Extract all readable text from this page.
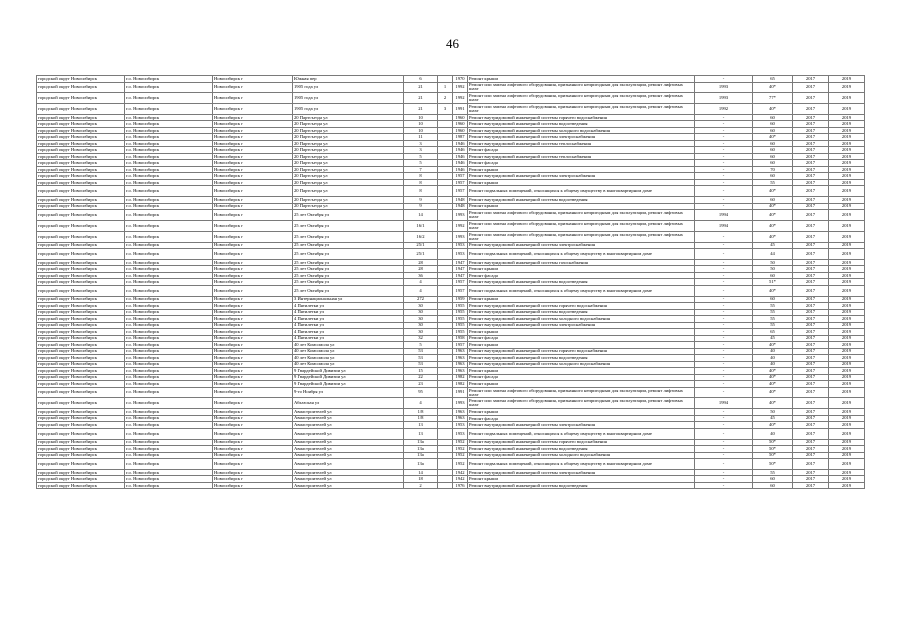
46
городской округ Новосибирск	г.о. Новосибирск	Новосибирск г	Южная пер	6		1970	Ремонт крыши	-	65	2017	2019
городской округ Новосибирск	г.о. Новосибирск	Новосибирск г	1905 года ул	21	1	1992	Ремонт или замена лифтового оборудования, признанного непригодным для эксплуатации, ремонт лифтовых шахт	1993	40*	2017	2019
городской округ Новосибирск	г.о. Новосибирск	Новосибирск г	1905 года ул	21	2	1992	Ремонт или замена лифтового оборудования, признанного непригодным для эксплуатации, ремонт лифтовых шахт	1993	77*	2017	2019
городской округ Новосибирск	г.о. Новосибирск	Новосибирск г	1905 года ул	21	3	1991	Ремонт или замена лифтового оборудования, признанного непригодным для эксплуатации, ремонт лифтовых шахт	1992	40*	2017	2019
городской округ Новосибирск	г.о. Новосибирск	Новосибирск г	20 Партсъезда ул	10		1960	Ремонт внутридомовой инженерной системы горячего водоснабжения	-	60	2017	2019
городской округ Новосибирск	г.о. Новосибирск	Новосибирск г	20 Партсъезда ул	10		1960	Ремонт внутридомовой инженерной системы водоотведения	-	60	2017	2019
городской округ Новосибирск	г.о. Новосибирск	Новосибирск г	20 Партсъезда ул	10		1960	Ремонт внутридомовой инженерной системы холодного водоснабжения	-	60	2017	2019
городской округ Новосибирск	г.о. Новосибирск	Новосибирск г	20 Партсъезда ул	11		1987	Ремонт внутридомовой инженерной системы электроснабжения	-	40*	2017	2019
городской округ Новосибирск	г.о. Новосибирск	Новосибирск г	20 Партсъезда ул	3		1946	Ремонт внутридомовой инженерной системы теплоснабжения	-	60	2017	2019
городской округ Новосибирск	г.о. Новосибирск	Новосибирск г	20 Партсъезда ул	3		1946	Ремонт фасада	-	60	2017	2019
городской округ Новосибирск	г.о. Новосибирск	Новосибирск г	20 Партсъезда ул	5		1946	Ремонт внутридомовой инженерной системы теплоснабжения	-	60	2017	2019
городской округ Новосибирск	г.о. Новосибирск	Новосибирск г	20 Партсъезда ул	5		1946	Ремонт фасада	-	60	2017	2019
городской округ Новосибирск	г.о. Новосибирск	Новосибирск г	20 Партсъезда ул	7		1946	Ремонт крыши	-	70	2017	2019
городской округ Новосибирск	г.о. Новосибирск	Новосибирск г	20 Партсъезда ул	8		1957	Ремонт внутридомовой инженерной системы электроснабжения	-	60	2017	2019
городской округ Новосибирск	г.о. Новосибирск	Новосибирск г	20 Партсъезда ул	8		1957	Ремонт крыши	-	55	2017	2019
городской округ Новосибирск	г.о. Новосибирск	Новосибирск г	20 Партсъезда ул	8		1957	Ремонт подвальных помещений, относящихся к общему имуществу в многоквартирном доме	-	40*	2017	2019
городской округ Новосибирск	г.о. Новосибирск	Новосибирск г	20 Партсъезда ул	9		1948	Ремонт внутридомовой инженерной системы водоотведения	-	60	2017	2019
городской округ Новосибирск	г.о. Новосибирск	Новосибирск г	20 Партсъезда ул	9		1948	Ремонт крыши	-	40*	2017	2019
городской округ Новосибирск	г.о. Новосибирск	Новосибирск г	25 лет Октября ул	14		1993	Ремонт или замена лифтового оборудования, признанного непригодным для эксплуатации, ремонт лифтовых шахт	1994	40*	2017	2019
городской округ Новосибирск	г.о. Новосибирск	Новосибирск г	25 лет Октября ул	16/1		1992	Ремонт или замена лифтового оборудования, признанного непригодным для эксплуатации, ремонт лифтовых шахт	1994	40*	2017	2019
городской округ Новосибирск	г.о. Новосибирск	Новосибирск г	25 лет Октября ул	16/2		1993	Ремонт или замена лифтового оборудования, признанного непригодным для эксплуатации, ремонт лифтовых шахт	-	40*	2017	2019
городской округ Новосибирск	г.о. Новосибирск	Новосибирск г	25 лет Октября ул	25/1		1953	Ремонт внутридомовой инженерной системы электроснабжения	-	45	2017	2019
городской округ Новосибирск	г.о. Новосибирск	Новосибирск г	25 лет Октября ул	25/1		1953	Ремонт подвальных помещений, относящихся к общему имуществу в многоквартирном доме	-	44	2017	2019
городской округ Новосибирск	г.о. Новосибирск	Новосибирск г	25 лет Октября ул	28		1947	Ремонт внутридомовой инженерной системы газоснабжения	-	50	2017	2019
городской округ Новосибирск	г.о. Новосибирск	Новосибирск г	25 лет Октября ул	28		1947	Ремонт крыши	-	50	2017	2019
городской округ Новосибирск	г.о. Новосибирск	Новосибирск г	25 лет Октября ул	36		1947	Ремонт фасада	-	60	2017	2019
городской округ Новосибирск	г.о. Новосибирск	Новосибирск г	25 лет Октября ул	4		1957	Ремонт внутридомовой инженерной системы водоотведения	-	51*	2017	2019
городской округ Новосибирск	г.о. Новосибирск	Новосибирск г	25 лет Октября ул	4		1957	Ремонт подвальных помещений, относящихся к общему имуществу в многоквартирном доме	-	40*	2017	2019
городской округ Новосибирск	г.о. Новосибирск	Новосибирск г	3 Интернациональная ул	272		1959	Ремонт крыши	-	60	2017	2019
городской округ Новосибирск	г.о. Новосибирск	Новосибирск г	4 Пятилетки ул	30		1955	Ремонт внутридомовой инженерной системы горячего водоснабжения	-	55	2017	2019
городской округ Новосибирск	г.о. Новосибирск	Новосибирск г	4 Пятилетки ул	30		1955	Ремонт внутридомовой инженерной системы водоотведения	-	55	2017	2019
городской округ Новосибирск	г.о. Новосибирск	Новосибирск г	4 Пятилетки ул	30		1955	Ремонт внутридомовой инженерной системы холодного водоснабжения	-	55	2017	2019
городской округ Новосибирск	г.о. Новосибирск	Новосибирск г	4 Пятилетки ул	30		1955	Ремонт внутридомовой инженерной системы электроснабжения	-	55	2017	2019
городской округ Новосибирск	г.о. Новосибирск	Новосибирск г	4 Пятилетки ул	30		1955	Ремонт крыши	-	65	2017	2019
городской округ Новосибирск	г.о. Новосибирск	Новосибирск г	4 Пятилетки ул	32		1958	Ремонт фасада	-	45	2017	2019
городской округ Новосибирск	г.о. Новосибирск	Новосибирск г	40 лет Комсомола ул	5		1957	Ремонт крыши	-	40*	2017	2019
городской округ Новосибирск	г.о. Новосибирск	Новосибирск г	40 лет Комсомола ул	53		1963	Ремонт внутридомовой инженерной системы горячего водоснабжения	-	40	2017	2019
городской округ Новосибирск	г.о. Новосибирск	Новосибирск г	40 лет Комсомола ул	53		1963	Ремонт внутридомовой инженерной системы водоотведения	-	40	2017	2019
городской округ Новосибирск	г.о. Новосибирск	Новосибирск г	40 лет Комсомола ул	53		1963	Ремонт внутридомовой инженерной системы холодного водоснабжения	-	40	2017	2019
городской округ Новосибирск	г.о. Новосибирск	Новосибирск г	9 Гвардейской Дивизии ул	15		1963	Ремонт крыши	-	40*	2017	2019
городской округ Новосибирск	г.о. Новосибирск	Новосибирск г	9 Гвардейской Дивизии ул	22		1982	Ремонт фасада	-	40*	2017	2019
городской округ Новосибирск	г.о. Новосибирск	Новосибирск г	9 Гвардейской Дивизии ул	23		1982	Ремонт крыши	-	40*	2017	2019
городской округ Новосибирск	г.о. Новосибирск	Новосибирск г	9-го Ноября ул	95		1991	Ремонт или замена лифтового оборудования, признанного непригодным для эксплуатации, ремонт лифтовых шахт	-	40*	2017	2019
городской округ Новосибирск	г.о. Новосибирск	Новосибирск г	Абхазская ул	4		1993	Ремонт или замена лифтового оборудования, признанного непригодным для эксплуатации, ремонт лифтовых шахт	1994	40*	2017	2019
городской округ Новосибирск	г.о. Новосибирск	Новосибирск г	Авиастроителей ул	1/8		1963	Ремонт крыши	-	50	2017	2019
городской округ Новосибирск	г.о. Новосибирск	Новосибирск г	Авиастроителей ул	1/8		1963	Ремонт фасада	-	45	2017	2019
городской округ Новосибирск	г.о. Новосибирск	Новосибирск г	Авиастроителей ул	13		1953	Ремонт внутридомовой инженерной системы электроснабжения	-	40*	2017	2019
городской округ Новосибирск	г.о. Новосибирск	Новосибирск г	Авиастроителей ул	13		1953	Ремонт подвальных помещений, относящихся к общему имуществу в многоквартирном доме	-	40	2017	2019
городской округ Новосибирск	г.о. Новосибирск	Новосибирск г	Авиастроителей ул	13а		1952	Ремонт внутридомовой инженерной системы горячего водоснабжения	-	50*	2017	2019
городской округ Новосибирск	г.о. Новосибирск	Новосибирск г	Авиастроителей ул	13а		1952	Ремонт внутридомовой инженерной системы водоотведения	-	50*	2017	2019
городской округ Новосибирск	г.о. Новосибирск	Новосибирск г	Авиастроителей ул	13а		1952	Ремонт внутридомовой инженерной системы холодного водоснабжения	-	50*	2017	2019
городской округ Новосибирск	г.о. Новосибирск	Новосибирск г	Авиастроителей ул	13а		1952	Ремонт подвальных помещений, относящихся к общему имуществу в многоквартирном доме	-	50*	2017	2019
городской округ Новосибирск	г.о. Новосибирск	Новосибирск г	Авиастроителей ул	14		1942	Ремонт внутридомовой инженерной системы электроснабжения	-	55	2017	2019
городской округ Новосибирск	г.о. Новосибирск	Новосибирск г	Авиастроителей ул	18		1942	Ремонт крыши	-	60	2017	2019
городской округ Новосибирск	г.о. Новосибирск	Новосибирск г	Авиастроителей ул	2		1976	Ремонт внутридомовой инженерной системы водоотведения	-	60	2017	2019
